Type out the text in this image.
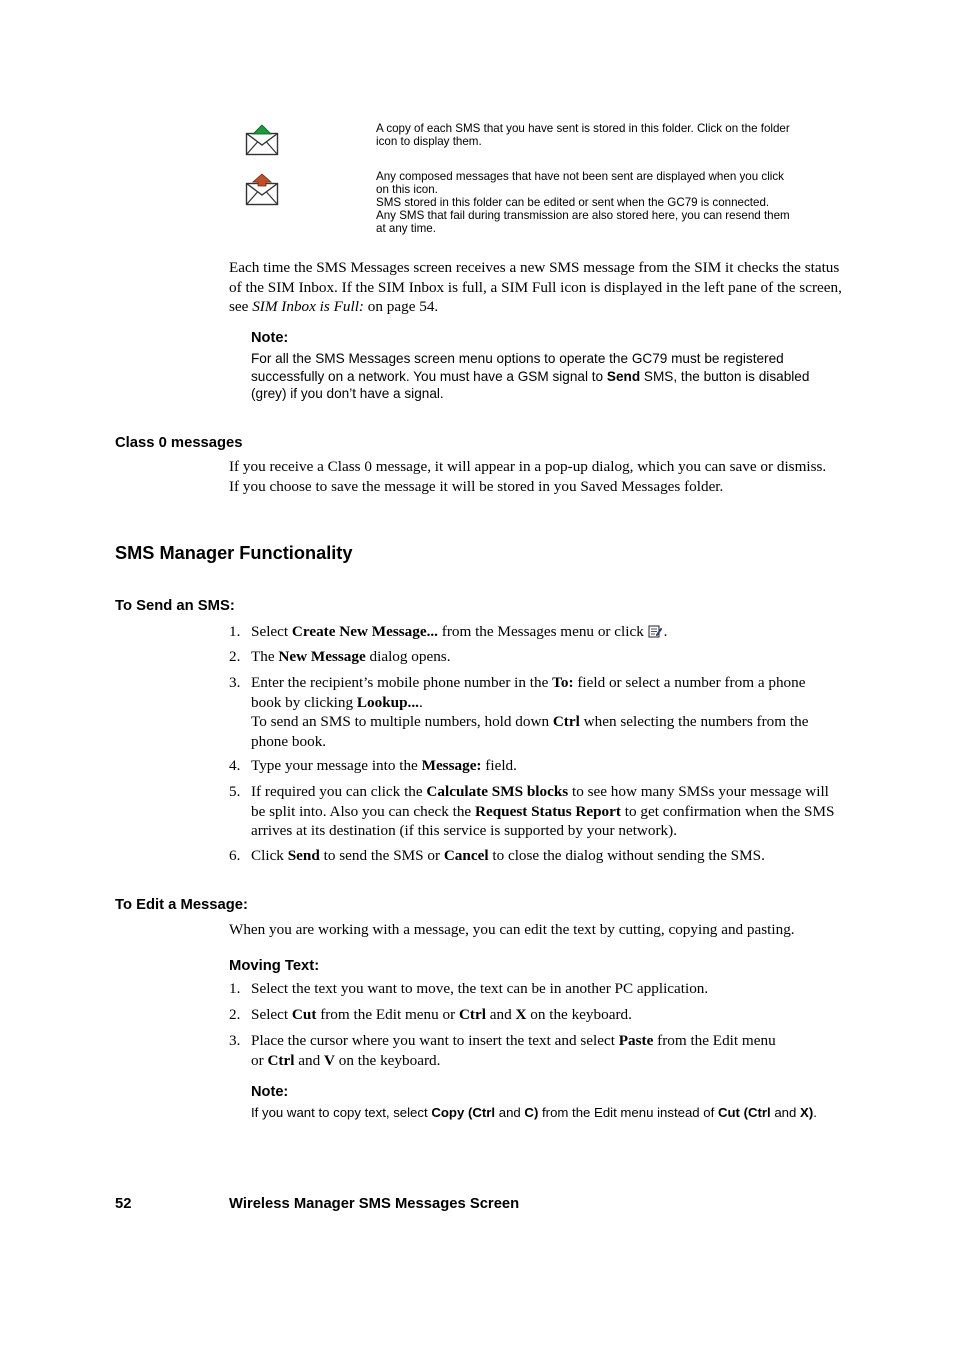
A copy of each SMS that you have sent is stored in this folder. Click on the folder
icon to display them.
Any composed messages that have not been sent are displayed when you click
on this icon.
SMS stored in this folder can be edited or sent when the GC79 is connected.
Any SMS that fail during transmission are also stored here, you can resend them
at any time.
Each time the SMS Messages screen receives a new SMS message from the SIM it checks the status
of the SIM Inbox. If the SIM Inbox is full, a SIM Full icon is displayed in the left pane of the screen,
see SIM Inbox is Full: on page 54.
Note:
For all the SMS Messages screen menu options to operate the GC79 must be registered
successfully on a network. You must have a GSM signal to Send SMS, the button is disabled
(grey) if you don’t have a signal.
Class 0 messages
If you receive a Class 0 message, it will appear in a pop-up dialog, which you can save or dismiss.
If you choose to save the message it will be stored in you Saved Messages folder.
SMS Manager Functionality
To Send an SMS:
1. Select Create New Message... from the Messages menu or click .
2. The New Message dialog opens.
3. Enter the recipient’s mobile phone number in the To: field or select a number from a phone
book by clicking Lookup....
To send an SMS to multiple numbers, hold down Ctrl when selecting the numbers from the
phone book.
4. Type your message into the Message: field.
5. If required you can click the Calculate SMS blocks to see how many SMSs your message will
be split into. Also you can check the Request Status Report to get confirmation when the SMS
arrives at its destination (if this service is supported by your network).
6. Click Send to send the SMS or Cancel to close the dialog without sending the SMS.
To Edit a Message:
When you are working with a message, you can edit the text by cutting, copying and pasting.
Moving Text:
1. Select the text you want to move, the text can be in another PC application.
2. Select Cut from the Edit menu or Ctrl and X on the keyboard.
3. Place the cursor where you want to insert the text and select Paste from the Edit menu
or Ctrl and V on the keyboard.
Note:
If you want to copy text, select Copy (Ctrl and C) from the Edit menu instead of Cut (Ctrl and X).
52	Wireless Manager SMS Messages Screen
